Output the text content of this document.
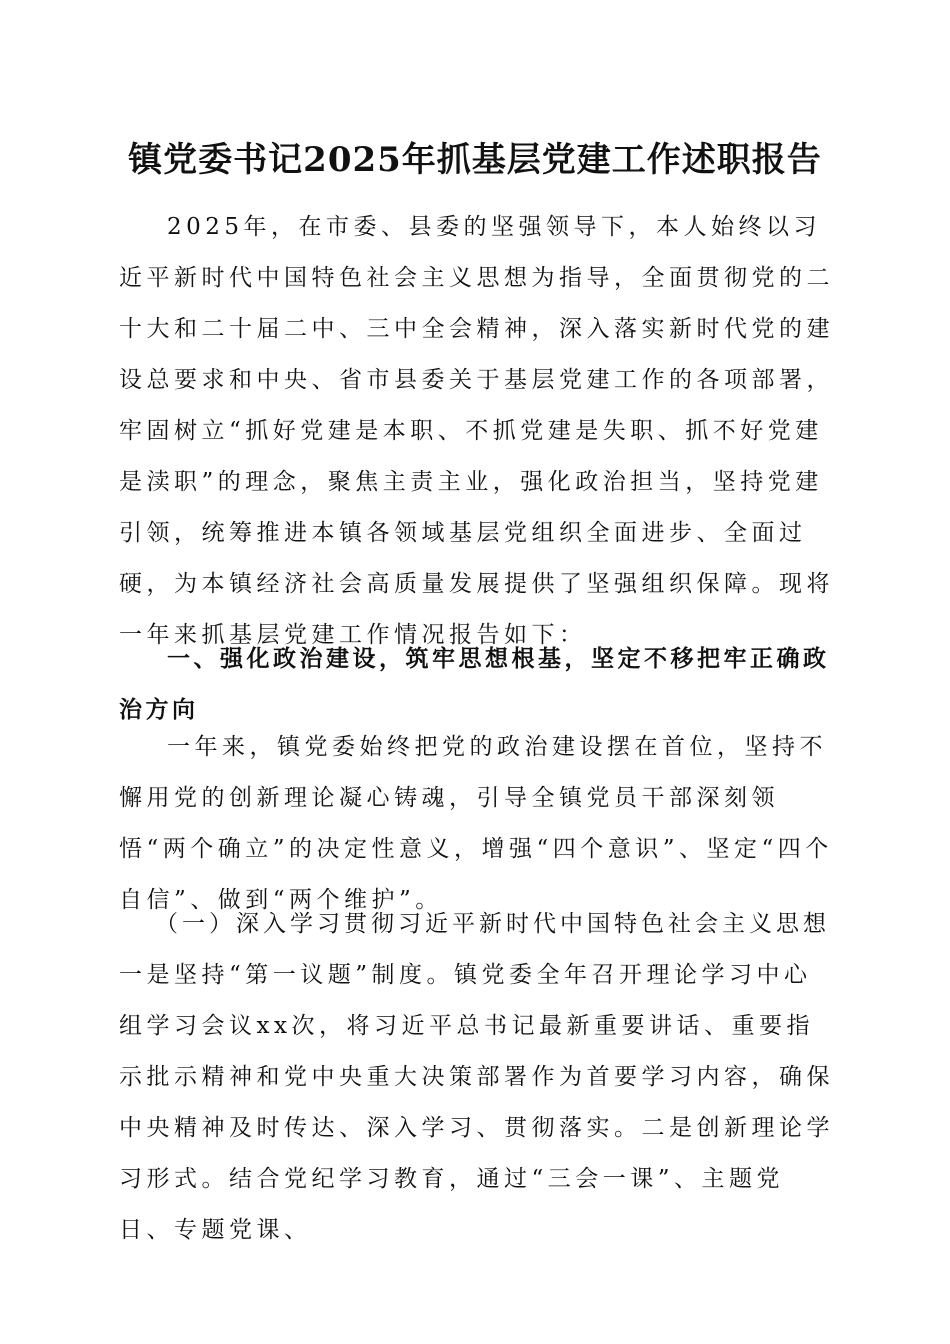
镇党委书记2025年抓基层党建工作述职报告

2025年，在市委、县委的坚强领导下，本人始终以习近平新时代中国特色社会主义思想为指导，全面贯彻党的二十大和二十届二中、三中全会精神，深入落实新时代党的建设总要求和中央、省市县委关于基层党建工作的各项部署，牢固树立“抓好党建是本职、不抓党建是失职、抓不好党建是渎职”的理念，聚焦主责主业，强化政治担当，坚持党建引领，统筹推进本镇各领域基层党组织全面进步、全面过硬，为本镇经济社会高质量发展提供了坚强组织保障。现将一年来抓基层党建工作情况报告如下：

一、强化政治建设，筑牢思想根基，坚定不移把牢正确政治方向

一年来，镇党委始终把党的政治建设摆在首位，坚持不懈用党的创新理论凝心铸魂，引导全镇党员干部深刻领悟“两个确立”的决定性意义，增强“四个意识”、坚定“四个自信”、做到“两个维护”。

（一）深入学习贯彻习近平新时代中国特色社会主义思想

一是坚持“第一议题”制度。镇党委全年召开理论学习中心组学习会议xx次，将习近平总书记最新重要讲话、重要指示批示精神和党中央重大决策部署作为首要学习内容，确保中央精神及时传达、深入学习、贯彻落实。二是创新理论学习形式。结合党纪学习教育，通过“三会一课”、主题党日、专题党课、
